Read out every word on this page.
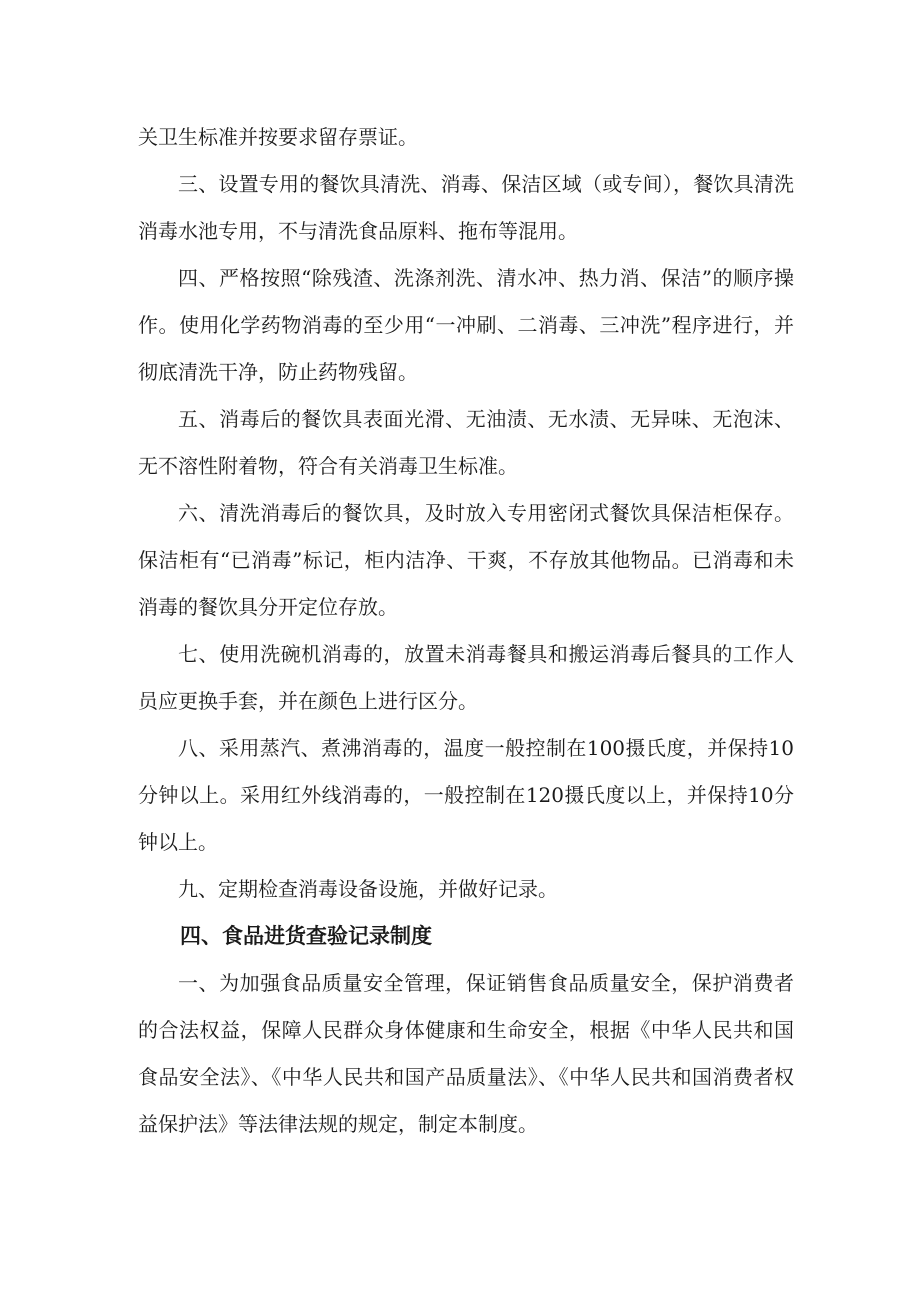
关卫生标准并按要求留存票证。

三、设置专用的餐饮具清洗、消毒、保洁区域（或专间），餐饮具清洗消毒水池专用，不与清洗食品原料、拖布等混用。

四、严格按照“除残渣、洗涤剂洗、清水冲、热力消、保洁”的顺序操作。使用化学药物消毒的至少用“一冲刷、二消毒、三冲洗”程序进行，并彻底清洗干净，防止药物残留。

五、消毒后的餐饮具表面光滑、无油渍、无水渍、无异味、无泡沫、无不溶性附着物，符合有关消毒卫生标准。

六、清洗消毒后的餐饮具，及时放入专用密闭式餐饮具保洁柜保存。保洁柜有“已消毒”标记，柜内洁净、干爽，不存放其他物品。已消毒和未消毒的餐饮具分开定位存放。

七、使用洗碗机消毒的，放置未消毒餐具和搬运消毒后餐具的工作人员应更换手套，并在颜色上进行区分。

八、采用蒸汽、煮沸消毒的，温度一般控制在100摄氏度，并保持10分钟以上。采用红外线消毒的，一般控制在120摄氏度以上，并保持10分钟以上。

九、定期检查消毒设备设施，并做好记录。

四、食品进货查验记录制度

一、为加强食品质量安全管理，保证销售食品质量安全，保护消费者的合法权益，保障人民群众身体健康和生命安全，根据《中华人民共和国食品安全法》、《中华人民共和国产品质量法》、《中华人民共和国消费者权益保护法》等法律法规的规定，制定本制度。
